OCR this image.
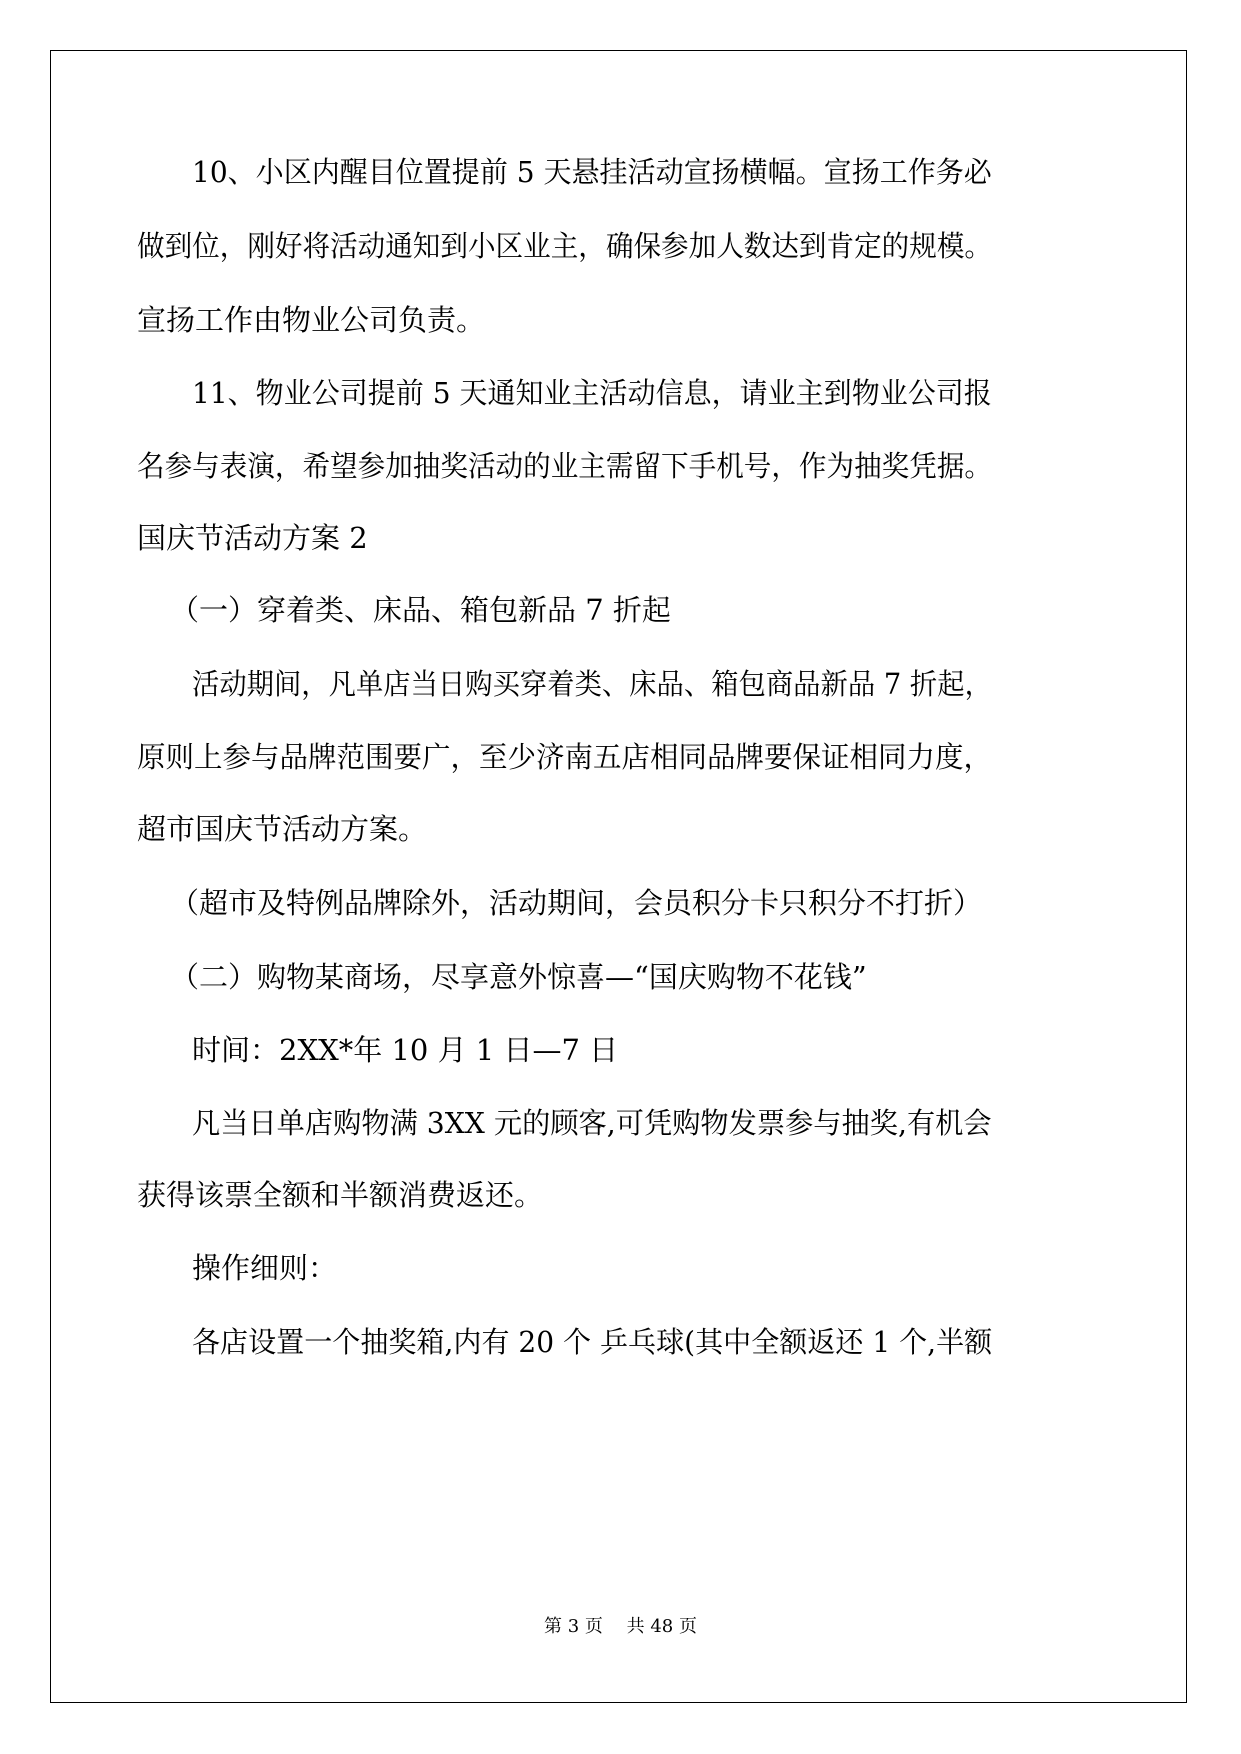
10、小区内醒目位置提前 5 天悬挂活动宣扬横幅。宣扬工作务必

做到位，刚好将活动通知到小区业主，确保参加人数达到肯定的规模。

宣扬工作由物业公司负责。

11、物业公司提前 5 天通知业主活动信息，请业主到物业公司报

名参与表演，希望参加抽奖活动的业主需留下手机号，作为抽奖凭据。

国庆节活动方案 2

（一）穿着类、床品、箱包新品 7 折起

活动期间，凡单店当日购买穿着类、床品、箱包商品新品 7 折起，

原则上参与品牌范围要广，至少济南五店相同品牌要保证相同力度，

超市国庆节活动方案。

（超市及特例品牌除外，活动期间，会员积分卡只积分不打折）

（二）购物某商场，尽享意外惊喜—“国庆购物不花钱”

时间：2XX*年 10 月 1 日—7 日

凡当日单店购物满 3XX 元的顾客,可凭购物发票参与抽奖,有机会

获得该票全额和半额消费返还。

操作细则：

各店设置一个抽奖箱,内有 20 个 乒乓球(其中全额返还 1 个,半额

第 3 页　 共 48 页
